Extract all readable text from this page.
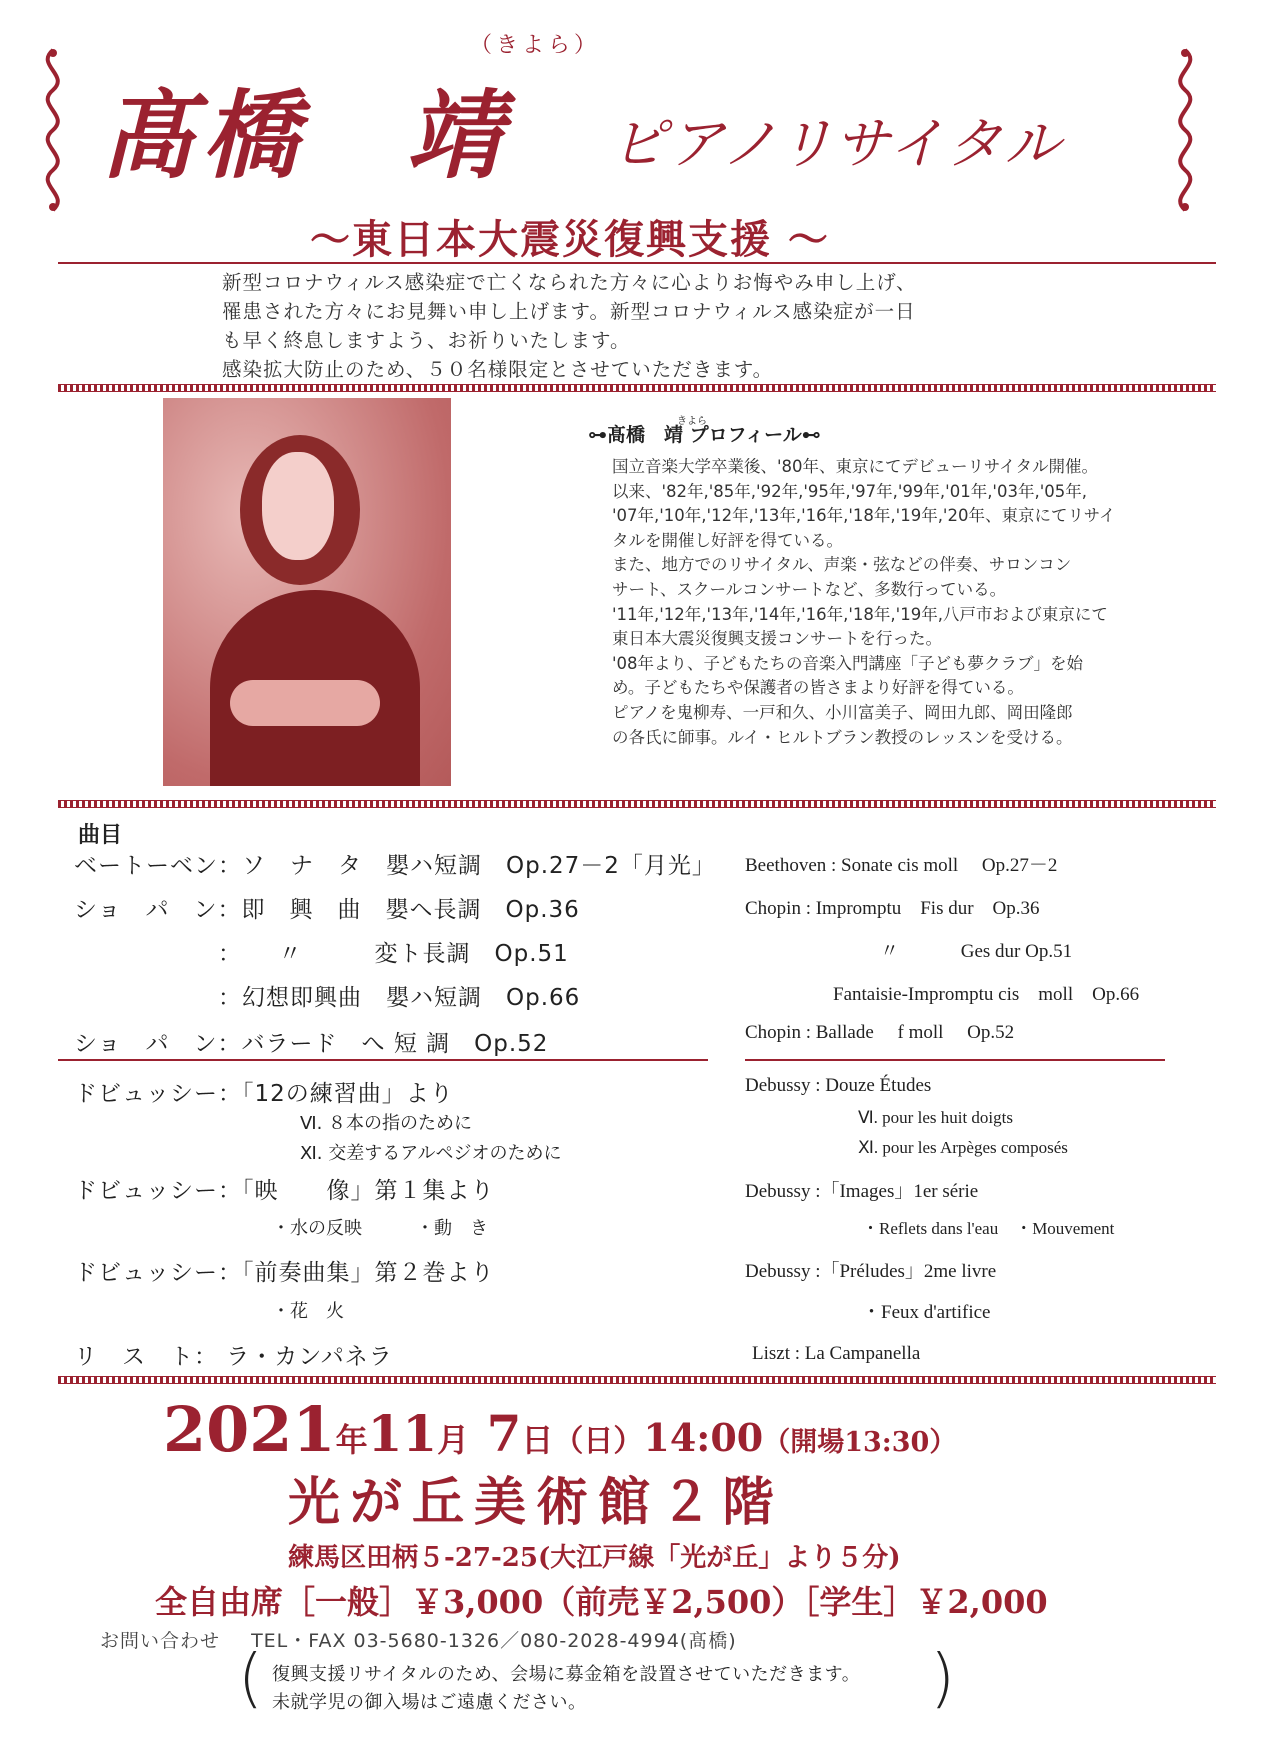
（きよら）
髙橋　靖 ピアノリサイタル
～東日本大震災復興支援 ～
新型コロナウィルス感染症で亡くなられた方々に心よりお悔やみ申し上げ、
罹患された方々にお見舞い申し上げます。新型コロナウィルス感染症が一日
も早く終息しますよう、お祈りいたします。
感染拡大防止のため、５０名様限定とさせていただきます。
きよら
⊶髙橋　靖 プロフィール⊷
国立音楽大学卒業後、'80年、東京にてデビューリサイタル開催。
以来、'82年,'85年,'92年,'95年,'97年,'99年,'01年,'03年,'05年,
'07年,'10年,'12年,'13年,'16年,'18年,'19年,'20年、東京にてリサイ
タルを開催し好評を得ている。
また、地方でのリサイタル、声楽・弦などの伴奏、サロンコン
サート、スクールコンサートなど、多数行っている。
'11年,'12年,'13年,'14年,'16年,'18年,'19年,八戸市および東京にて
東日本大震災復興支援コンサートを行った。
'08年より、子どもたちの音楽入門講座「子ども夢クラブ」を始
め。子どもたちや保護者の皆さまより好評を得ている。
ピアノを鬼柳寿、一戸和久、小川富美子、岡田九郎、岡田隆郎
の各氏に師事。ルイ・ヒルトブラン教授のレッスンを受ける。
曲目
ベートーベン：ソ　ナ　タ　嬰ハ短調　Op.27－2「月光」
ショ　パ　ン：即　興　曲　嬰ヘ長調　Op.36
　　　　　　：　　〃　　　変ト長調　Op.51
　　　　　　：幻想即興曲　嬰ハ短調　Op.66
ショ　パ　ン：バラード　へ 短 調　Op.52
ドビュッシー：「12の練習曲」より
Ⅵ. ８本の指のために
Ⅺ. 交差するアルペジオのために
ドビュッシー：「映　　像」第１集より
・水の反映　　　・動　き
ドビュッシー：「前奏曲集」第２巻より
・花　火
リ　ス　ト： ラ・カンパネラ
Beethoven : Sonate cis moll　 Op.27－2
Chopin : Impromptu　Fis dur　Op.36
〃　　　 Ges dur Op.51
Fantaisie-Impromptu cis　moll　Op.66
Chopin : Ballade　 f moll　 Op.52
Debussy : Douze Études
Ⅵ. pour les huit doigts
Ⅺ. pour les Arpèges composés
Debussy :「Images」1er série
・Reflets dans l'eau　・Mouvement
Debussy :「Préludes」2me livre
・Feux d'artifice
Liszt : La Campanella
2021年11月 7日（日）14:00（開場13:30）
光が丘美術館２階
練馬区田柄５-27-25(大江戸線「光が丘」より５分)
全自由席［一般］￥3,000（前売￥2,500）［学生］￥2,000
お問い合わせ TEL・FAX 03-5680-1326／080-2028-4994(髙橋)
(	)
復興支援リサイタルのため、会場に募金箱を設置させていただきます。
未就学児の御入場はご遠慮ください。
